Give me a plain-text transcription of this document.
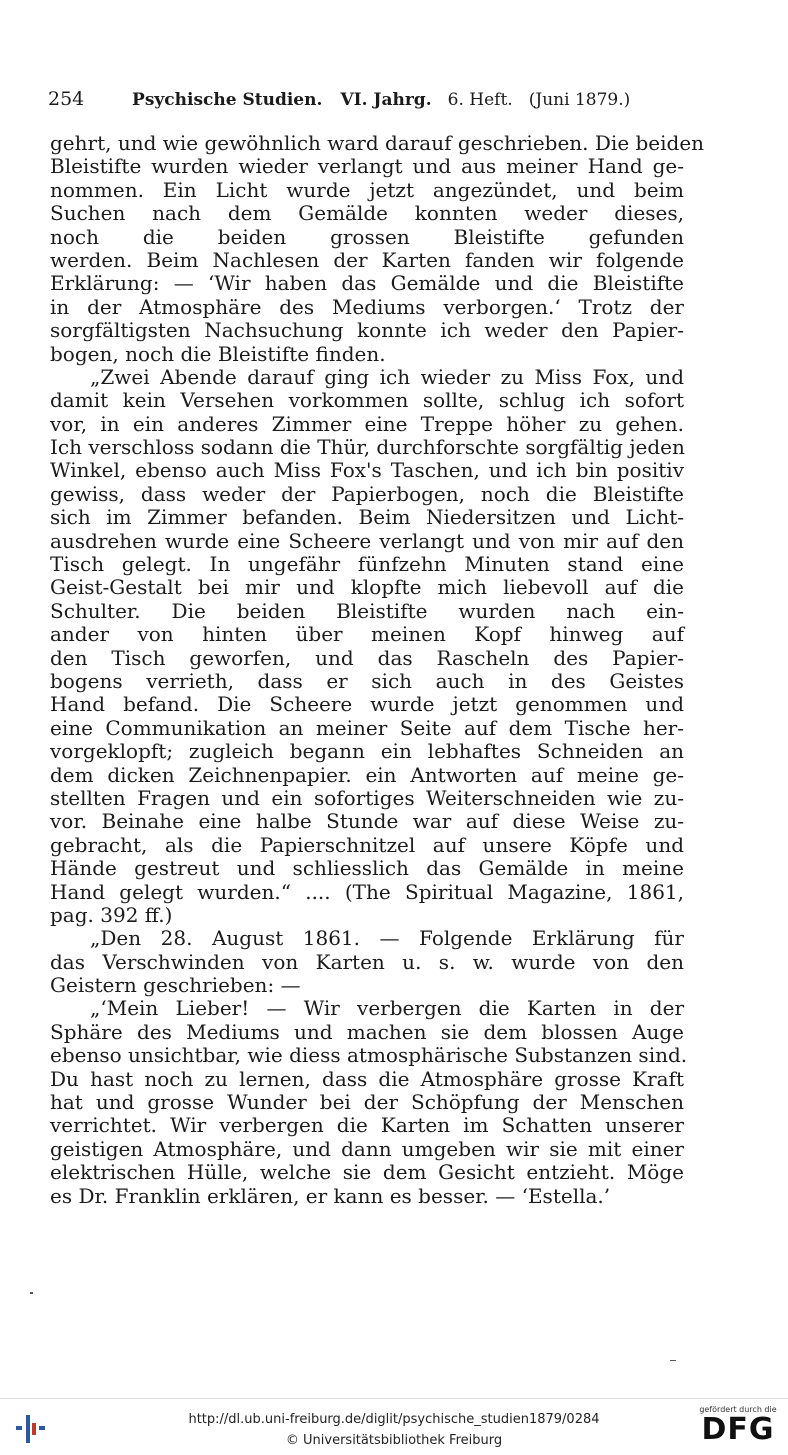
254	Psychische Studien. VI. Jahrg. 6. Heft. (Juni 1879.)
gehrt, und wie gewöhnlich ward darauf geschrieben. Die beiden
Bleistifte wurden wieder verlangt und aus meiner Hand ge-
nommen. Ein Licht wurde jetzt angezündet, und beim
Suchen nach dem Gemälde konnten weder dieses,
noch die beiden grossen Bleistifte gefunden
werden. Beim Nachlesen der Karten fanden wir folgende
Erklärung: — ‘Wir haben das Gemälde und die Bleistifte
in der Atmosphäre des Mediums verborgen.‘ Trotz der
sorgfältigsten Nachsuchung konnte ich weder den Papier-
bogen, noch die Bleistifte finden.
„Zwei Abende darauf ging ich wieder zu Miss Fox, und
damit kein Versehen vorkommen sollte, schlug ich sofort
vor, in ein anderes Zimmer eine Treppe höher zu gehen.
Ich verschloss sodann die Thür, durchforschte sorgfältig jeden
Winkel, ebenso auch Miss Fox's Taschen, und ich bin positiv
gewiss, dass weder der Papierbogen, noch die Bleistifte
sich im Zimmer befanden. Beim Niedersitzen und Licht-
ausdrehen wurde eine Scheere verlangt und von mir auf den
Tisch gelegt. In ungefähr fünfzehn Minuten stand eine
Geist-Gestalt bei mir und klopfte mich liebevoll auf die
Schulter. Die beiden Bleistifte wurden nach ein-
ander von hinten über meinen Kopf hinweg auf
den Tisch geworfen, und das Rascheln des Papier-
bogens verrieth, dass er sich auch in des Geistes
Hand befand. Die Scheere wurde jetzt genommen und
eine Communikation an meiner Seite auf dem Tische her-
vorgeklopft; zugleich begann ein lebhaftes Schneiden an
dem dicken Zeichnenpapier. ein Antworten auf meine ge-
stellten Fragen und ein sofortiges Weiterschneiden wie zu-
vor. Beinahe eine halbe Stunde war auf diese Weise zu-
gebracht, als die Papierschnitzel auf unsere Köpfe und
Hände gestreut und schliesslich das Gemälde in meine
Hand gelegt wurden.“ .... (The Spiritual Magazine, 1861,
pag. 392 ff.)
„Den 28. August 1861. — Folgende Erklärung für
das Verschwinden von Karten u. s. w. wurde von den
Geistern geschrieben: —
„‘Mein Lieber! — Wir verbergen die Karten in der
Sphäre des Mediums und machen sie dem blossen Auge
ebenso unsichtbar, wie diess atmosphärische Substanzen sind.
Du hast noch zu lernen, dass die Atmosphäre grosse Kraft
hat und grosse Wunder bei der Schöpfung der Menschen
verrichtet. Wir verbergen die Karten im Schatten unserer
geistigen Atmosphäre, und dann umgeben wir sie mit einer
elektrischen Hülle, welche sie dem Gesicht entzieht. Möge
es Dr. Franklin erklären, er kann es besser. — ‘Estella.’
http://dl.ub.uni-freiburg.de/diglit/psychische_studien1879/0284
© Universitätsbibliothek Freiburg
gefördert durch die
DFG
